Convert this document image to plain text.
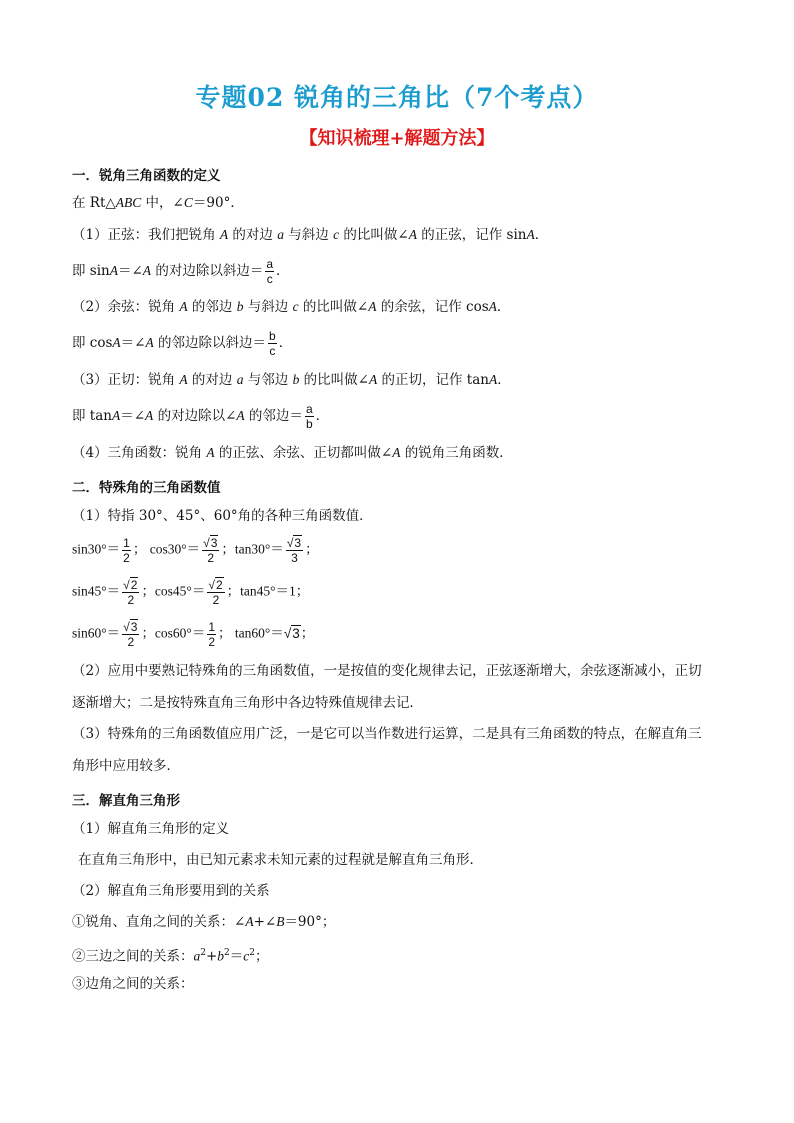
专题02 锐角的三角比（7个考点）
【知识梳理+解题方法】
一．锐角三角函数的定义
在 Rt△ABC 中，∠C＝90°．
（1）正弦：我们把锐角 A 的对边 a 与斜边 c 的比叫做∠A 的正弦，记作 sinA．
即 sinA＝∠A 的对边除以斜边＝ $\frac{a}{c}$ ．
（2）余弦：锐角 A 的邻边 b 与斜边 c 的比叫做∠A 的余弦，记作 cosA．
即 cosA＝∠A 的邻边除以斜边＝ $\frac{b}{c}$ ．
（3）正切：锐角 A 的对边 a 与邻边 b 的比叫做∠A 的正切，记作 tanA．
即 tanA＝∠A 的对边除以∠A 的邻边＝ $\frac{a}{b}$ ．
（4）三角函数：锐角 A 的正弦、余弦、正切都叫做∠A 的锐角三角函数．
二．特殊角的三角函数值
（1）特指 30°、45°、60°角的各种三角函数值．
$\sin 30^\circ= \frac{1}{2}$ ； $\cos 30^\circ= \frac{√3}{2}$ ；$\tan 30^\circ= \frac{√3}{3}$ ；
$\sin 45^\circ= \frac{√2}{2}$ ；$\cos 45^\circ= \frac{√2}{2}$ ；tan45°＝1；
$\sin 60^\circ= \frac{√3}{2}$ ；$\cos 60^\circ= \frac{1}{2}$ ； tan60°＝√3；
（2）应用中要熟记特殊角的三角函数值，一是按值的变化规律去记，正弦逐渐增大，余弦逐渐减小，正切
逐渐增大；二是按特殊直角三角形中各边特殊值规律去记．
（3）特殊角的三角函数值应用广泛，一是它可以当作数进行运算，二是具有三角函数的特点，在解直角三
角形中应用较多．
三．解直角三角形
（1）解直角三角形的定义
在直角三角形中，由已知元素求未知元素的过程就是解直角三角形．
（2）解直角三角形要用到的关系
①锐角、直角之间的关系：∠A+∠B＝90°；
②三边之间的关系：$a^2+b^2=c^2$；
③边角之间的关系：
